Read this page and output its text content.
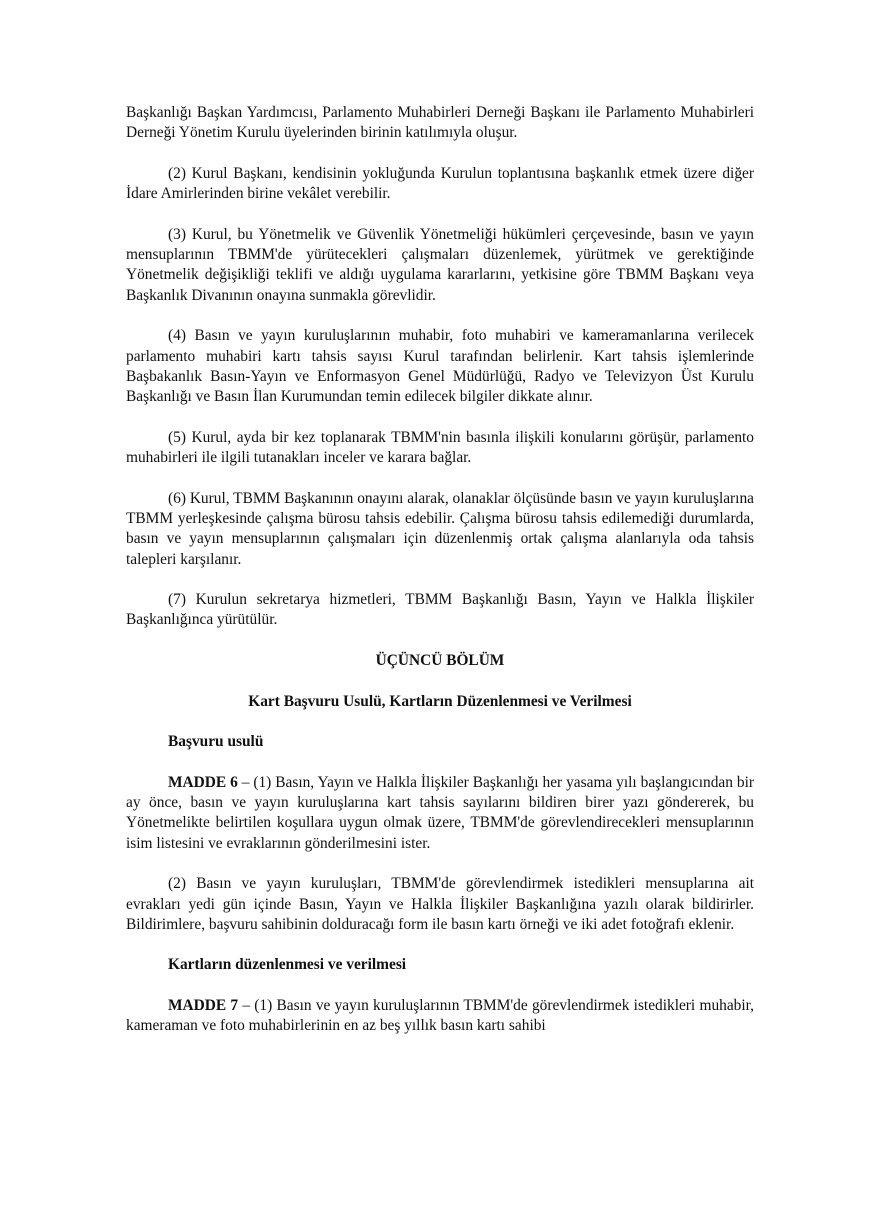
Başkanlığı Başkan Yardımcısı, Parlamento Muhabirleri Derneği Başkanı ile Parlamento Muhabirleri Derneği Yönetim Kurulu üyelerinden birinin katılımıyla oluşur.

(2) Kurul Başkanı, kendisinin yokluğunda Kurulun toplantısına başkanlık etmek üzere diğer İdare Amirlerinden birine vekâlet verebilir.

(3) Kurul, bu Yönetmelik ve Güvenlik Yönetmeliği hükümleri çerçevesinde, basın ve yayın mensuplarının TBMM'de yürütecekleri çalışmaları düzenlemek, yürütmek ve gerektiğinde Yönetmelik değişikliği teklifi ve aldığı uygulama kararlarını, yetkisine göre TBMM Başkanı veya Başkanlık Divanının onayına sunmakla görevlidir.

(4) Basın ve yayın kuruluşlarının muhabir, foto muhabiri ve kameramanlarına verilecek parlamento muhabiri kartı tahsis sayısı Kurul tarafından belirlenir. Kart tahsis işlemlerinde Başbakanlık Basın-Yayın ve Enformasyon Genel Müdürlüğü, Radyo ve Televizyon Üst Kurulu Başkanlığı ve Basın İlan Kurumundan temin edilecek bilgiler dikkate alınır.

(5) Kurul, ayda bir kez toplanarak TBMM'nin basınla ilişkili konularını görüşür, parlamento muhabirleri ile ilgili tutanakları inceler ve karara bağlar.

(6) Kurul, TBMM Başkanının onayını alarak, olanaklar ölçüsünde basın ve yayın kuruluşlarına TBMM yerleşkesinde çalışma bürosu tahsis edebilir. Çalışma bürosu tahsis edilemediği durumlarda, basın ve yayın mensuplarının çalışmaları için düzenlenmiş ortak çalışma alanlarıyla oda tahsis talepleri karşılanır.

(7) Kurulun sekretarya hizmetleri, TBMM Başkanlığı Basın, Yayın ve Halkla İlişkiler Başkanlığınca yürütülür.

ÜÇÜNCÜ BÖLÜM

Kart Başvuru Usulü, Kartların Düzenlenmesi ve Verilmesi

Başvuru usulü

MADDE 6 – (1) Basın, Yayın ve Halkla İlişkiler Başkanlığı her yasama yılı başlangıcından bir ay önce, basın ve yayın kuruluşlarına kart tahsis sayılarını bildiren birer yazı göndererek, bu Yönetmelikte belirtilen koşullara uygun olmak üzere, TBMM'de görevlendirecekleri mensuplarının isim listesini ve evraklarının gönderilmesini ister.

(2) Basın ve yayın kuruluşları, TBMM'de görevlendirmek istedikleri mensuplarına ait evrakları yedi gün içinde Basın, Yayın ve Halkla İlişkiler Başkanlığına yazılı olarak bildirirler. Bildirimlere, başvuru sahibinin dolduracağı form ile basın kartı örneği ve iki adet fotoğrafı eklenir.

Kartların düzenlenmesi ve verilmesi

MADDE 7 – (1) Basın ve yayın kuruluşlarının TBMM'de görevlendirmek istedikleri muhabir, kameraman ve foto muhabirlerinin en az beş yıllık basın kartı sahibi
